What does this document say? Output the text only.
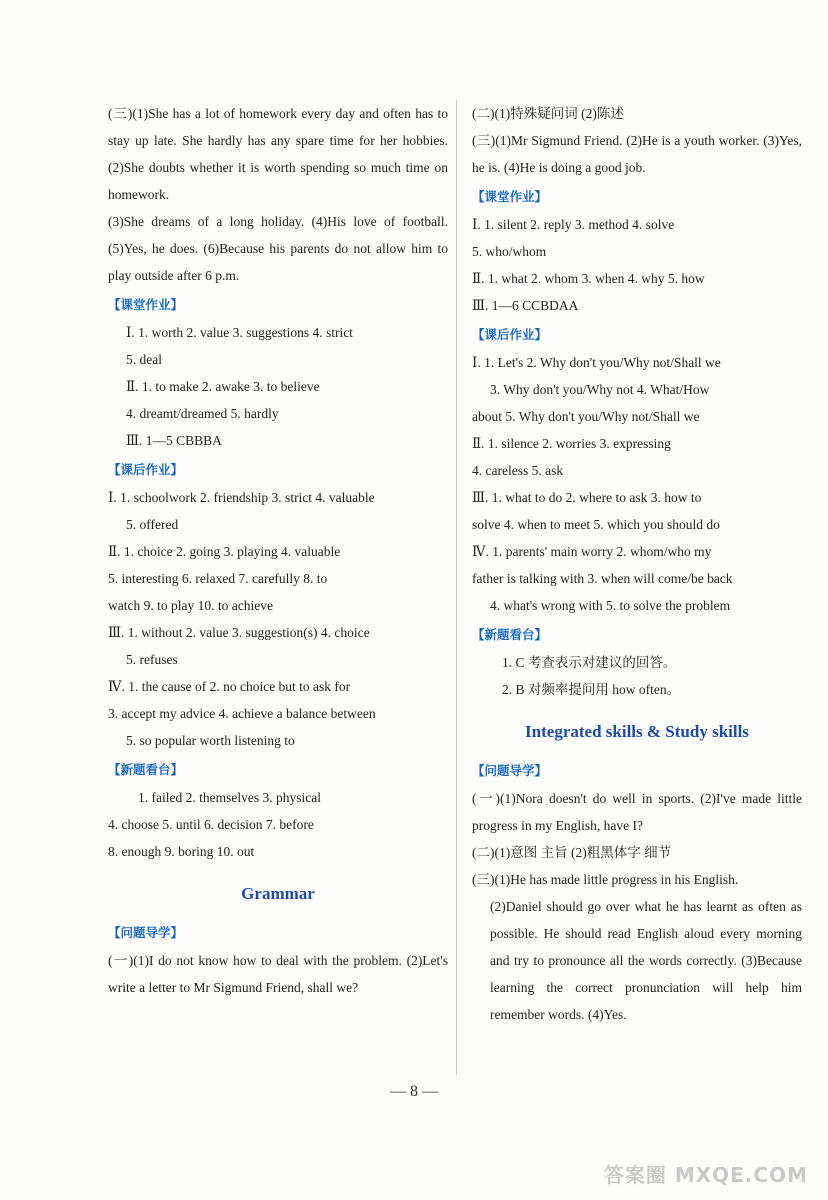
(三)(1)She has a lot of homework every day and often has to stay up late. She hardly has any spare time for her hobbies. (2)She doubts whether it is worth spending so much time on homework.

(3)She dreams of a long holiday. (4)His love of football. (5)Yes, he does. (6)Because his parents do not allow him to play outside after 6 p.m.

【课堂作业】
Ⅰ. 1. worth 2. value 3. suggestions 4. strict
5. deal
Ⅱ. 1. to make 2. awake 3. to believe
4. dreamt/dreamed 5. hardly
Ⅲ. 1—5 CBBBA
【课后作业】
Ⅰ. 1. schoolwork 2. friendship 3. strict 4. valuable
5. offered
Ⅱ. 1. choice 2. going 3. playing 4. valuable
5. interesting 6. relaxed 7. carefully 8. to
watch 9. to play 10. to achieve
Ⅲ. 1. without 2. value 3. suggestion(s) 4. choice
5. refuses
Ⅳ. 1. the cause of 2. no choice but to ask for
3. accept my advice 4. achieve a balance between
5. so popular worth listening to
【新题看台】
1. failed 2. themselves 3. physical
4. choose 5. until 6. decision 7. before
8. enough 9. boring 10. out
Grammar
【问题导学】

(一)(1)I do not know how to deal with the problem. (2)Let's write a letter to Mr Sigmund Friend, shall we?

(二)(1)特殊疑问词 (2)陈述

(三)(1)Mr Sigmund Friend. (2)He is a youth worker. (3)Yes, he is. (4)He is doing a good job.

【课堂作业】
Ⅰ. 1. silent 2. reply 3. method 4. solve
5. who/whom
Ⅱ. 1. what 2. whom 3. when 4. why 5. how
Ⅲ. 1—6 CCBDAA
【课后作业】
Ⅰ. 1. Let's 2. Why don't you/Why not/Shall we
3. Why don't you/Why not 4. What/How
about 5. Why don't you/Why not/Shall we
Ⅱ. 1. silence 2. worries 3. expressing
4. careless 5. ask
Ⅲ. 1. what to do 2. where to ask 3. how to
solve 4. when to meet 5. which you should do
Ⅳ. 1. parents' main worry 2. whom/who my
father is talking with 3. when will come/be back
4. what's wrong with 5. to solve the problem
【新题看台】
1. C 考查表示对建议的回答。
2. B 对频率提问用 how often。
Integrated skills & Study skills
【问题导学】

(一)(1)Nora doesn't do well in sports. (2)I've made little progress in my English, have I?

(二)(1)意图 主旨 (2)粗黑体字 细节

(三)(1)He has made little progress in his English.

(2)Daniel should go over what he has learnt as often as possible. He should read English aloud every morning and try to pronounce all the words correctly. (3)Because learning the correct pronunciation will help him remember words. (4)Yes.

— 8 —
答案圈 MXQE.COM
